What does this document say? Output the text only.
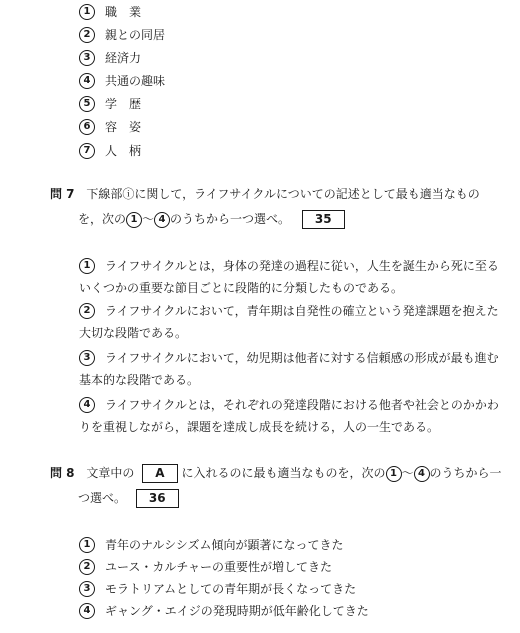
1	職　業
2	親との同居
3	経済力
4	共通の趣味
5	学　歴
6	容　姿
7	人　柄
問 7 下線部ⓘに関して，ライフサイクルについての記述として最も適当なもの
を，次の 1 〜 4 のうちから一つ選べ。 35
1	ライフサイクルとは，身体の発達の過程に従い，人生を誕生から死に至る
いくつかの重要な節目ごとに段階的に分類したものである。
2	ライフサイクルにおいて，青年期は自発性の確立という発達課題を抱えた
大切な段階である。
3	ライフサイクルにおいて，幼児期は他者に対する信頼感の形成が最も進む
基本的な段階である。
4	ライフサイクルとは，それぞれの発達段階における他者や社会とのかかわ
りを重視しながら，課題を達成し成長を続ける，人の一生である。
問 8 文章中の A に入れるのに最も適当なものを，次の 1 〜 4 のうちから一
つ選べ。 36
1	青年のナルシシズム傾向が顕著になってきた
2	ユース・カルチャーの重要性が増してきた
3	モラトリアムとしての青年期が長くなってきた
4	ギャング・エイジの発現時期が低年齢化してきた
